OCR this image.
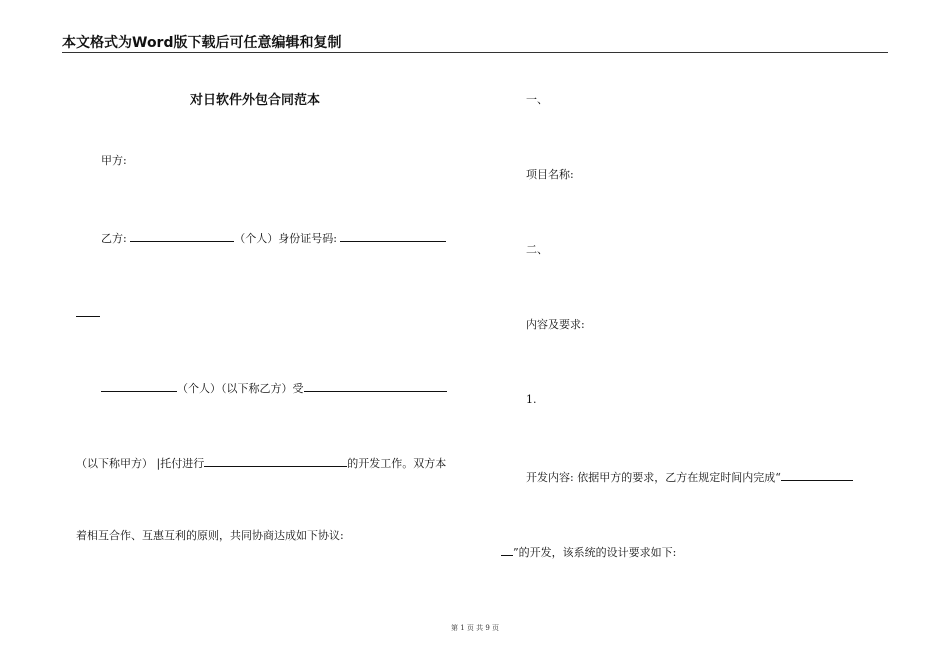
本文格式为Word版下载后可任意编辑和复制
对日软件外包合同范本
甲方:
乙方:	（个人）身份证号码:
（个人）（以下称乙方）受
（以下称甲方） |托付进行	的开发工作。双方本
着相互合作、互惠互利的原则，共同协商达成如下协议:
一、
项目名称:
二、
内容及要求:
1.
开发内容: 依据甲方的要求，乙方在规定时间内完成“
”的开发，该系统的设计要求如下:
第 1 页 共 9 页
